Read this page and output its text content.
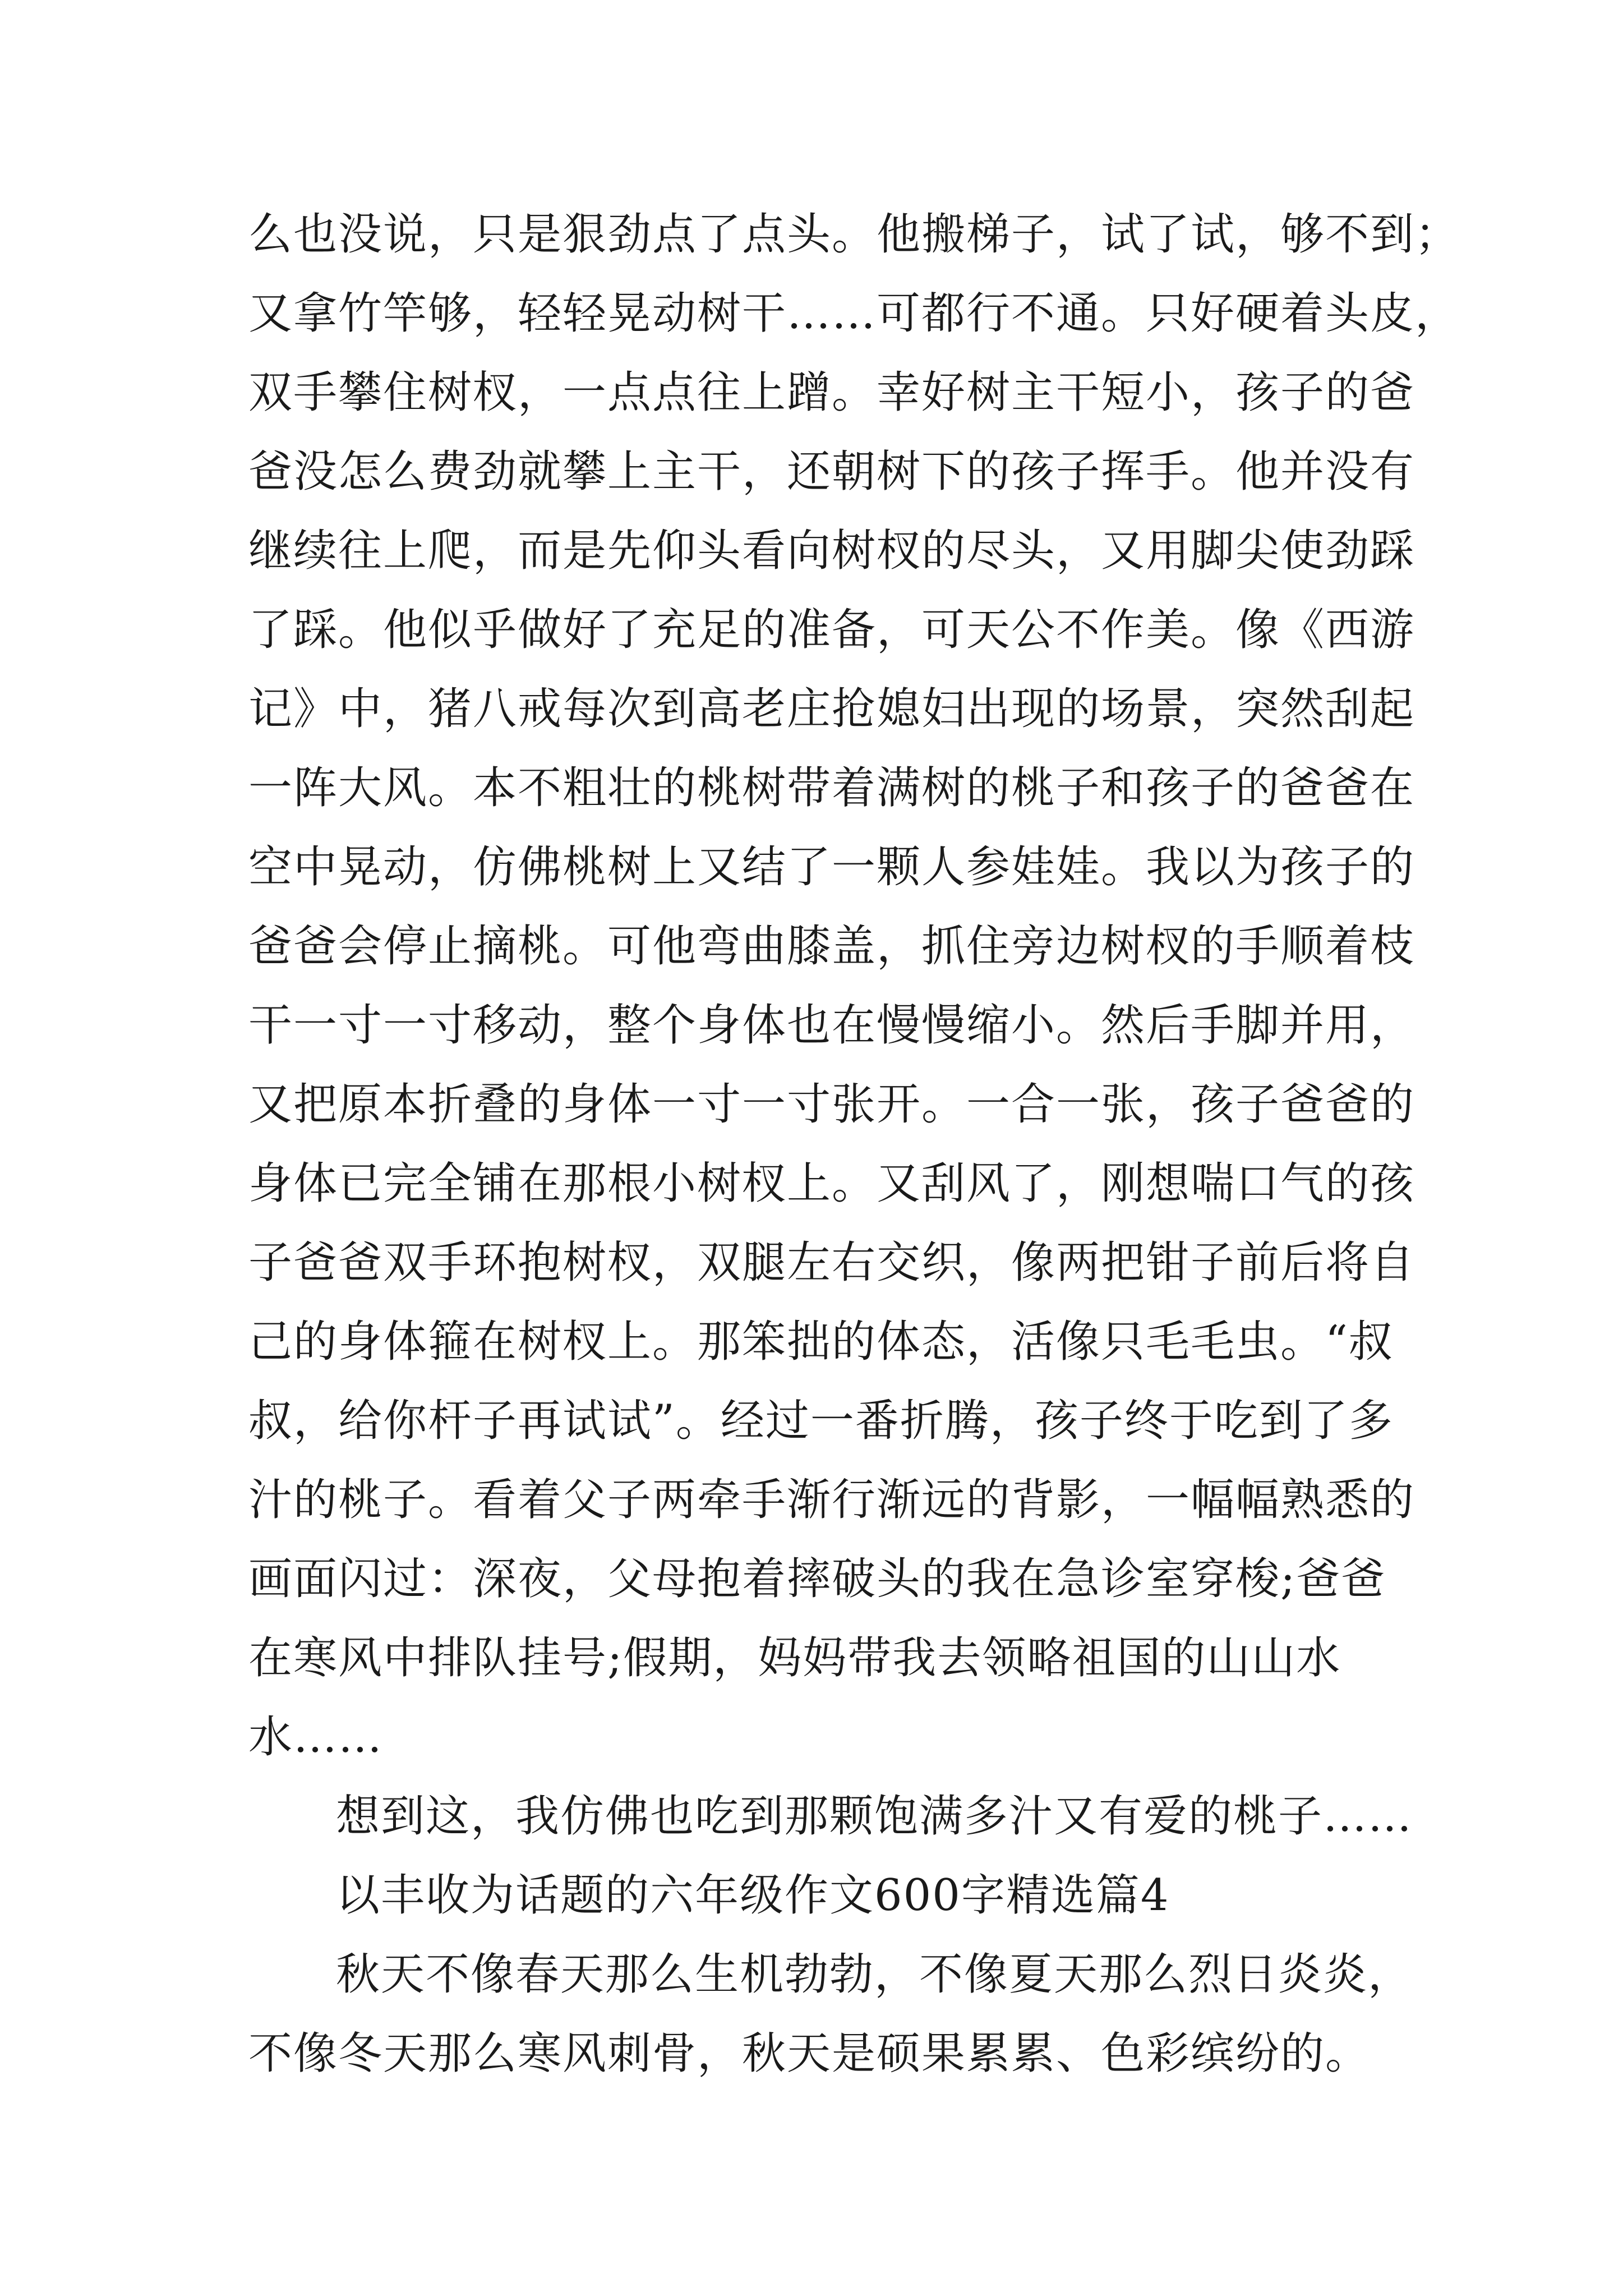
么也没说，只是狠劲点了点头。他搬梯子，试了试，够不到；
又拿竹竿够，轻轻晃动树干……可都行不通。只好硬着头皮，
双手攀住树杈，一点点往上蹭。幸好树主干短小，孩子的爸
爸没怎么费劲就攀上主干，还朝树下的孩子挥手。他并没有
继续往上爬，而是先仰头看向树杈的尽头，又用脚尖使劲踩
了踩。他似乎做好了充足的准备，可天公不作美。像《西游
记》中，猪八戒每次到高老庄抢媳妇出现的场景，突然刮起
一阵大风。本不粗壮的桃树带着满树的桃子和孩子的爸爸在
空中晃动，仿佛桃树上又结了一颗人参娃娃。我以为孩子的
爸爸会停止摘桃。可他弯曲膝盖，抓住旁边树杈的手顺着枝
干一寸一寸移动，整个身体也在慢慢缩小。然后手脚并用，
又把原本折叠的身体一寸一寸张开。一合一张，孩子爸爸的
身体已完全铺在那根小树杈上。又刮风了，刚想喘口气的孩
子爸爸双手环抱树杈，双腿左右交织，像两把钳子前后将自
己的身体箍在树杈上。那笨拙的体态，活像只毛毛虫。“叔
叔，给你杆子再试试”。经过一番折腾，孩子终于吃到了多
汁的桃子。看着父子两牵手渐行渐远的背影，一幅幅熟悉的
画面闪过：深夜，父母抱着摔破头的我在急诊室穿梭;爸爸
在寒风中排队挂号;假期，妈妈带我去领略祖国的山山水
水……
想到这，我仿佛也吃到那颗饱满多汁又有爱的桃子……
以丰收为话题的六年级作文600字精选篇4
秋天不像春天那么生机勃勃，不像夏天那么烈日炎炎，
不像冬天那么寒风刺骨，秋天是硕果累累、色彩缤纷的。
